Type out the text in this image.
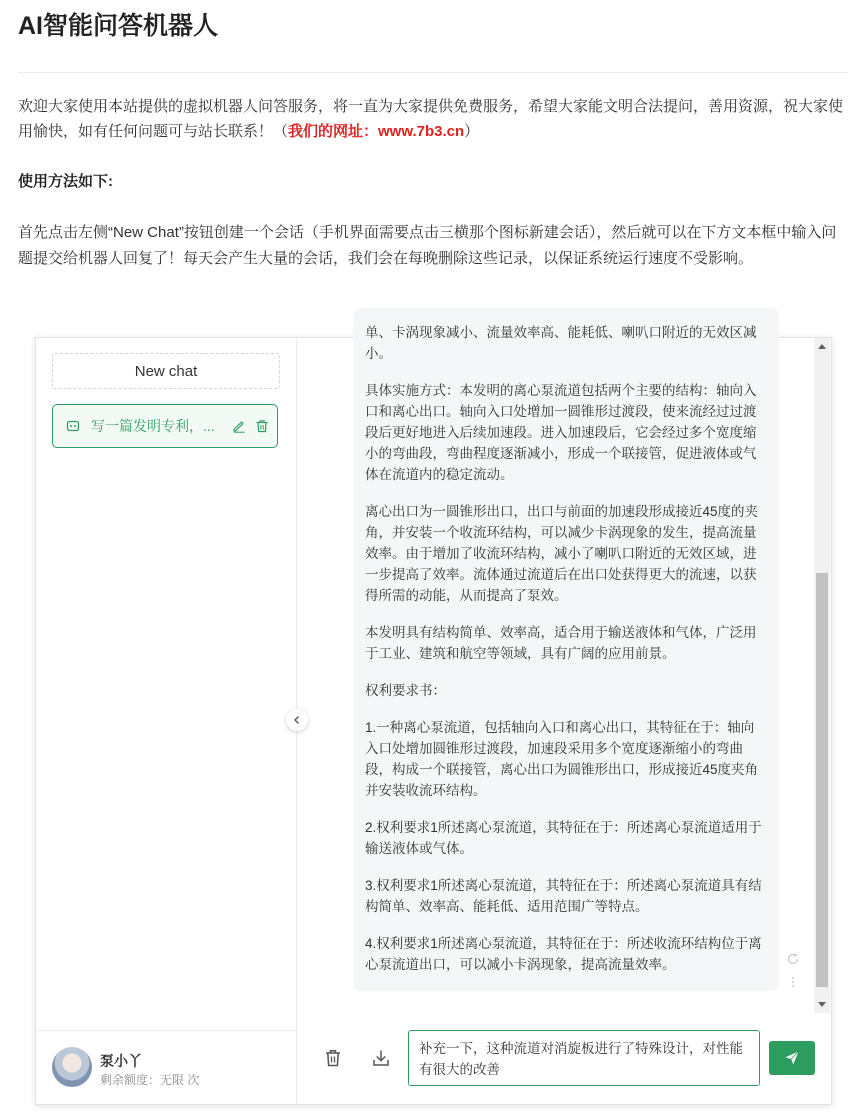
AI智能问答机器人
欢迎大家使用本站提供的虚拟机器人问答服务，将一直为大家提供免费服务，希望大家能文明合法提问，善用资源，祝大家使用愉快，如有任何问题可与站长联系！（我们的网址：www.7b3.cn）
使用方法如下:
首先点击左侧“New Chat”按钮创建一个会话（手机界面需要点击三横那个图标新建会话），然后就可以在下方文本框中输入问题提交给机器人回复了！每天会产生大量的会话，我们会在每晚删除这些记录，以保证系统运行速度不受影响。
New chat
写一篇发明专利，...
泵小丫
剩余额度：无限 次

单、卡涡现象减小、流量效率高、能耗低、喇叭口附近的无效区减小。

具体实施方式：本发明的离心泵流道包括两个主要的结构：轴向入口和离心出口。轴向入口处增加一圆锥形过渡段，使来流经过过渡段后更好地进入后续加速段。进入加速段后，它会经过多个宽度缩小的弯曲段，弯曲程度逐渐减小，形成一个联接管，促进液体或气体在流道内的稳定流动。

离心出口为一圆锥形出口，出口与前面的加速段形成接近45度的夹角，并安装一个收流环结构，可以减少卡涡现象的发生，提高流量效率。由于增加了收流环结构，减小了喇叭口附近的无效区域，进一步提高了效率。流体通过流道后在出口处获得更大的流速，以获得所需的动能，从而提高了泵效。

本发明具有结构简单、效率高，适合用于输送液体和气体，广泛用于工业、建筑和航空等领域，具有广阔的应用前景。

权利要求书：

1.一种离心泵流道，包括轴向入口和离心出口，其特征在于：轴向入口处增加圆锥形过渡段，加速段采用多个宽度逐渐缩小的弯曲段，构成一个联接管，离心出口为圆锥形出口，形成接近45度夹角并安装收流环结构。

2.权利要求1所述离心泵流道，其特征在于：所述离心泵流道适用于输送液体或气体。

3.权利要求1所述离心泵流道，其特征在于：所述离心泵流道具有结构简单、效率高、能耗低、适用范围广等特点。

4.权利要求1所述离心泵流道，其特征在于：所述收流环结构位于离心泵流道出口，可以减小卡涡现象，提高流量效率。

补充一下，这种流道对消旋板进行了特殊设计，对性能有很大的改善
